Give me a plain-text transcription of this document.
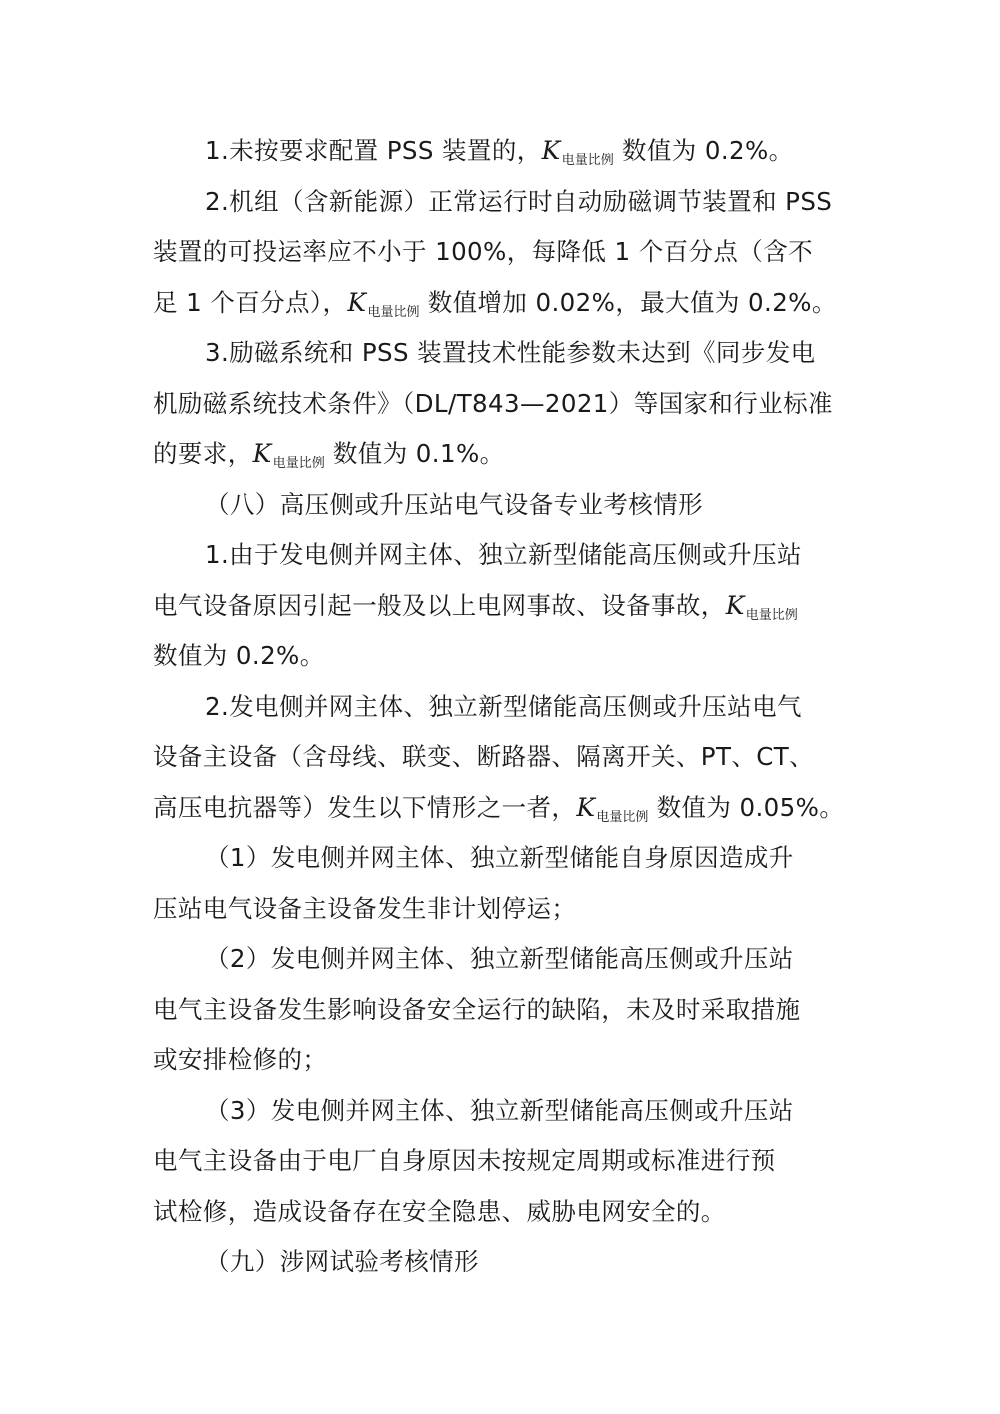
1.未按要求配置 PSS 装置的，$K_{电量比例}$ 数值为 0.2%。
2.机组（含新能源）正常运行时自动励磁调节装置和 PSS
装置的可投运率应不小于 100%，每降低 1 个百分点（含不
足 1 个百分点），$K_{电量比例}$ 数值增加 0.02%，最大值为 0.2%。
3.励磁系统和 PSS 装置技术性能参数未达到《同步发电
机励磁系统技术条件》（DL/T843—2021）等国家和行业标准
的要求，$K_{电量比例}$ 数值为 0.1%。
（八）高压侧或升压站电气设备专业考核情形
1.由于发电侧并网主体、独立新型储能高压侧或升压站
电气设备原因引起一般及以上电网事故、设备事故，$K_{电量比例}$
数值为 0.2%。
2.发电侧并网主体、独立新型储能高压侧或升压站电气
设备主设备（含母线、联变、断路器、隔离开关、PT、CT、
高压电抗器等）发生以下情形之一者，$K_{电量比例}$ 数值为 0.05%。
（1）发电侧并网主体、独立新型储能自身原因造成升
压站电气设备主设备发生非计划停运；
（2）发电侧并网主体、独立新型储能高压侧或升压站
电气主设备发生影响设备安全运行的缺陷，未及时采取措施
或安排检修的；
（3）发电侧并网主体、独立新型储能高压侧或升压站
电气主设备由于电厂自身原因未按规定周期或标准进行预
试检修，造成设备存在安全隐患、威胁电网安全的。
（九）涉网试验考核情形
